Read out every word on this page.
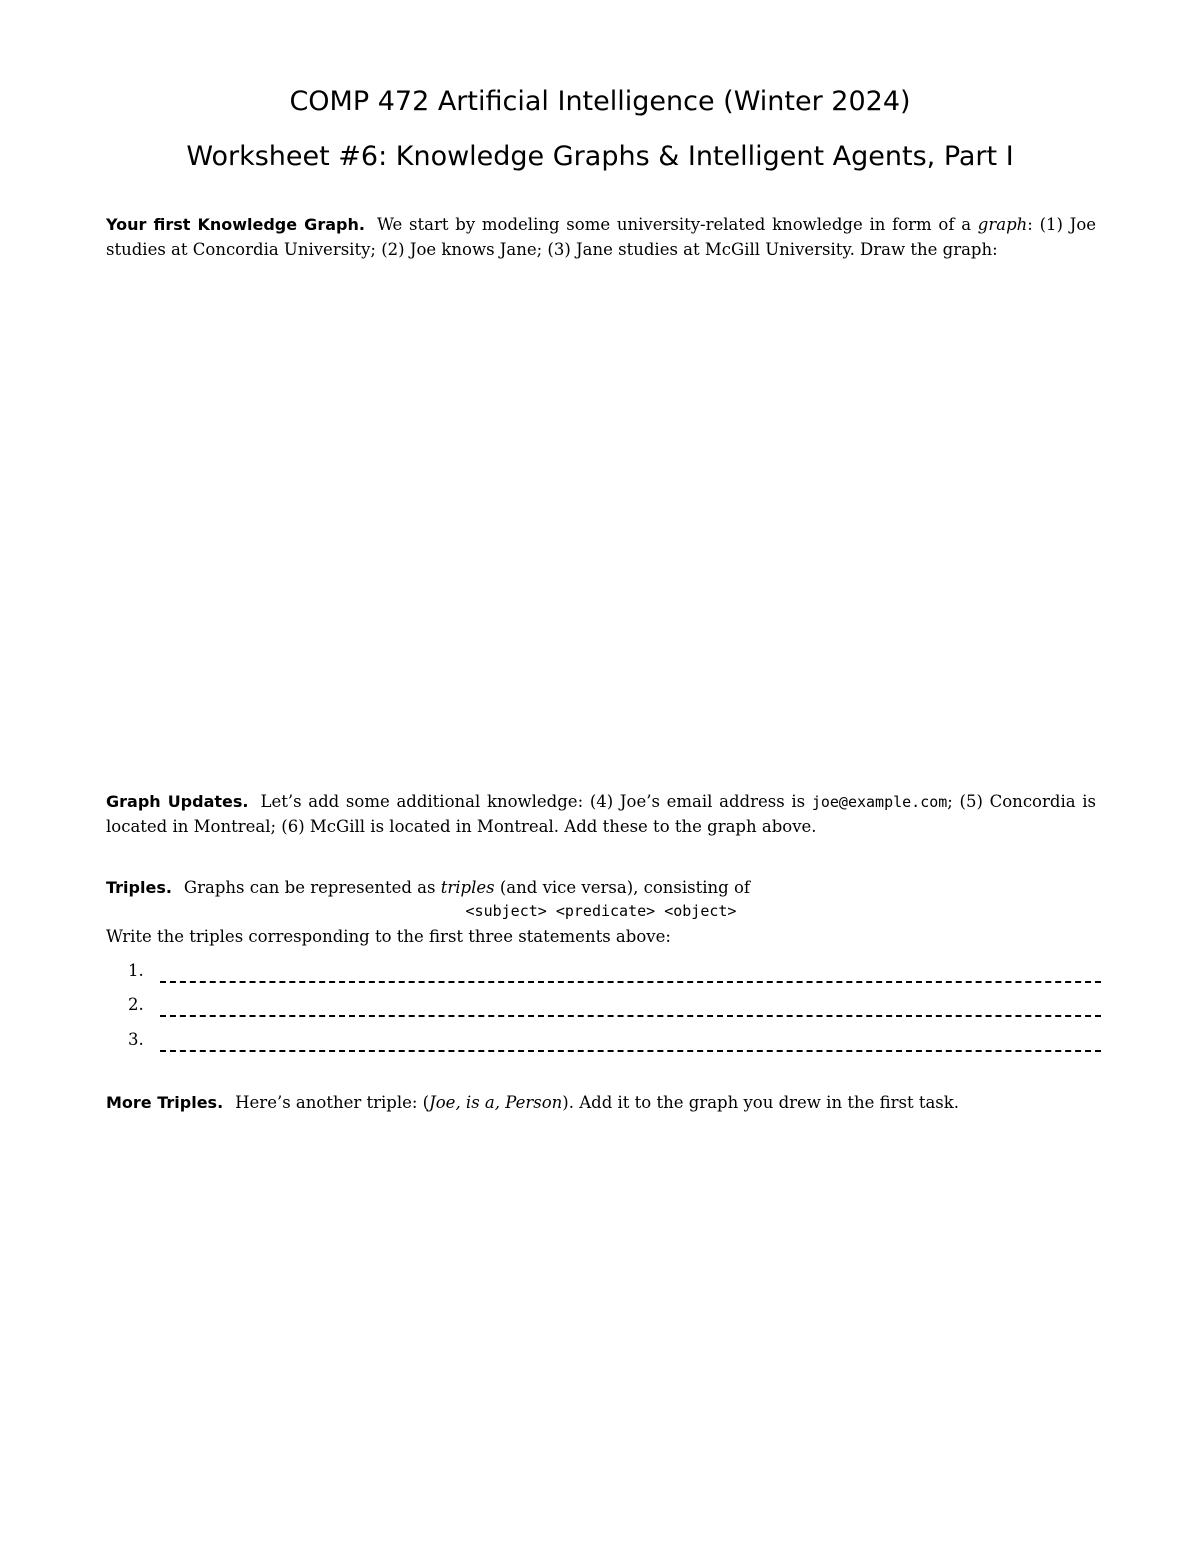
COMP 472 Artificial Intelligence (Winter 2024)
Worksheet #6: Knowledge Graphs & Intelligent Agents, Part I
Your first Knowledge Graph. We start by modeling some university-related knowledge in form of a graph: (1) Joe studies at Concordia University; (2) Joe knows Jane; (3) Jane studies at McGill University. Draw the graph:
Graph Updates. Let’s add some additional knowledge: (4) Joe’s email address is joe@example.com; (5) Concordia is located in Montreal; (6) McGill is located in Montreal. Add these to the graph above.
Triples. Graphs can be represented as triples (and vice versa), consisting of
<subject> <predicate> <object>
Write the triples corresponding to the first three statements above:
1.
2.
3.
More Triples. Here’s another triple: (Joe, is a, Person). Add it to the graph you drew in the first task.
